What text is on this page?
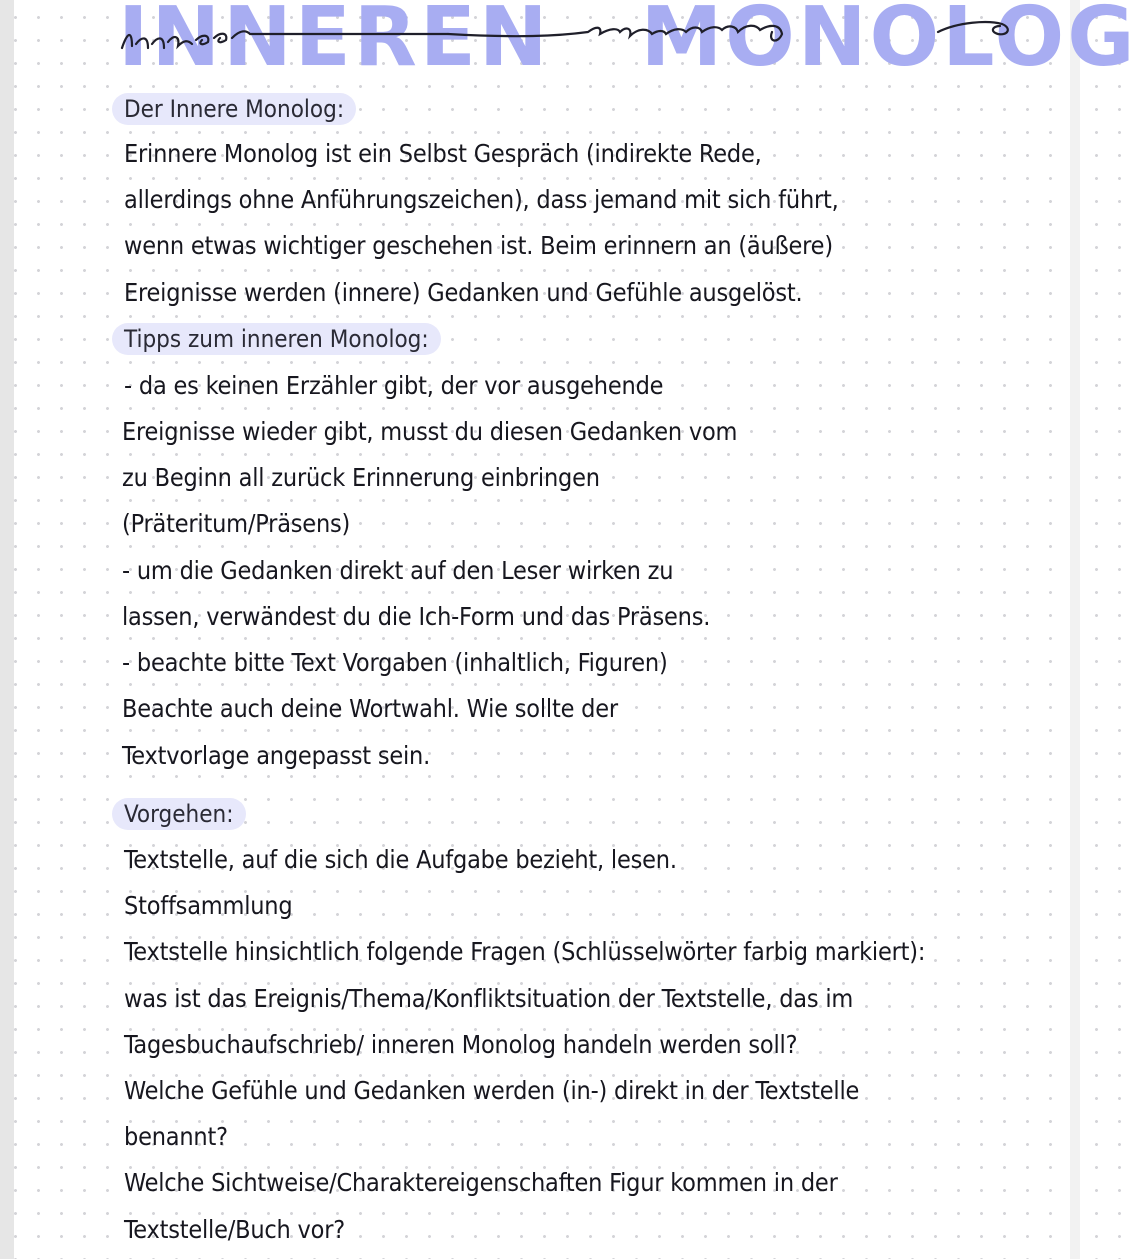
INNEREN MONOLOG
Der Innere Monolog:
Erinnere Monolog ist ein Selbst Gespräch (indirekte Rede,
allerdings ohne Anführungszeichen), dass jemand mit sich führt,
wenn etwas wichtiger geschehen ist. Beim erinnern an (äußere)
Ereignisse werden (innere) Gedanken und Gefühle ausgelöst.
Tipps zum inneren Monolog:
- da es keinen Erzähler gibt, der vor ausgehende
Ereignisse wieder gibt, musst du diesen Gedanken vom
zu Beginn all zurück Erinnerung einbringen
(Präteritum/Präsens)
- um die Gedanken direkt auf den Leser wirken zu
lassen, verwändest du die Ich-Form und das Präsens.
- beachte bitte Text Vorgaben (inhaltlich, Figuren)
Beachte auch deine Wortwahl. Wie sollte der
Textvorlage angepasst sein.
Vorgehen:
Textstelle, auf die sich die Aufgabe bezieht, lesen.
Stoffsammlung
Textstelle hinsichtlich folgende Fragen (Schlüsselwörter farbig markiert):
was ist das Ereignis/Thema/Konfliktsituation der Textstelle, das im
Tagesbuchaufschrieb/ inneren Monolog handeln werden soll?
Welche Gefühle und Gedanken werden (in-) direkt in der Textstelle
benannt?
Welche Sichtweise/Charaktereigenschaften Figur kommen in der
Textstelle/Buch vor?
